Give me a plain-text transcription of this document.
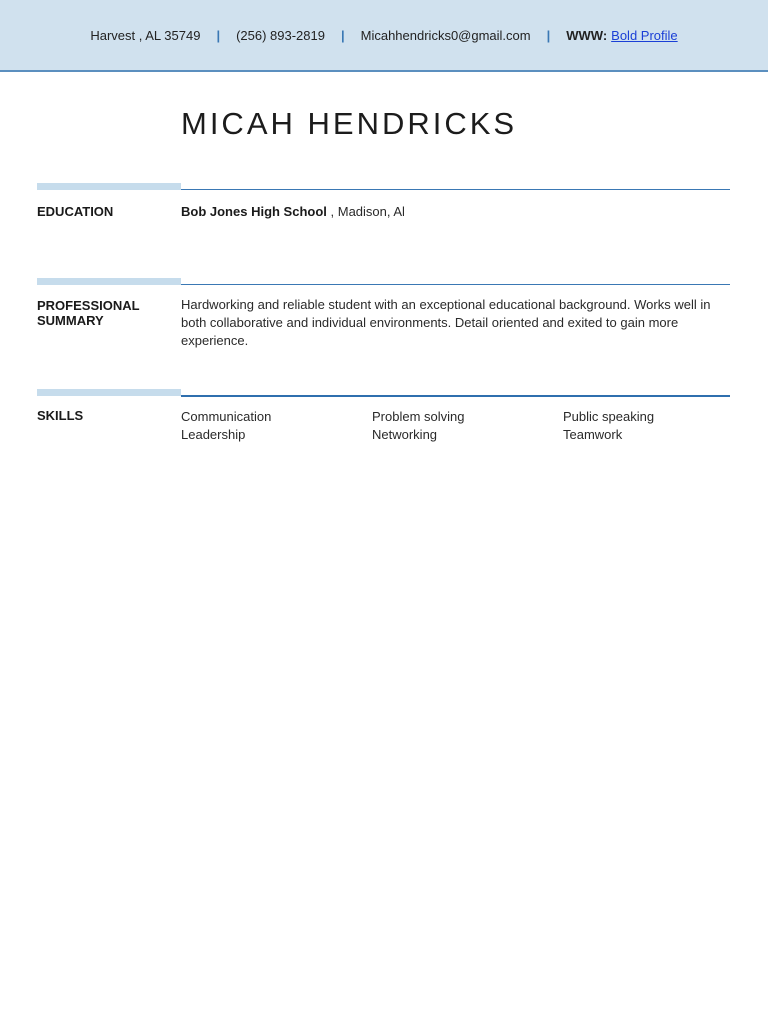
Harvest , AL 35749 | (256) 893-2819 | Micahhendricks0@gmail.com | WWW: Bold Profile
MICAH HENDRICKS
EDUCATION	Bob Jones High School , Madison, Al
PROFESSIONAL
SUMMARY
Hardworking and reliable student with an exceptional educational background. Works well in both collaborative and individual environments. Detail oriented and exited to gain more experience.
SKILLS	Communication	Problem solving	Public speaking
Leadership	Networking	Teamwork
